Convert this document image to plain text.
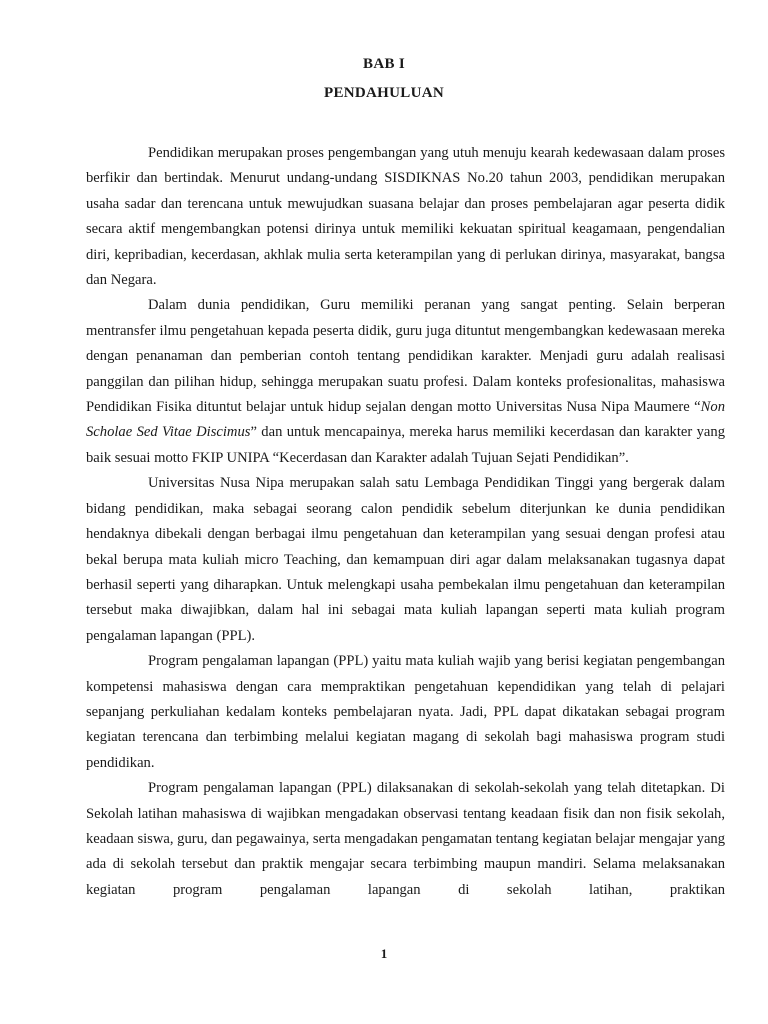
BAB I
PENDAHULUAN

Pendidikan merupakan proses pengembangan yang utuh menuju kearah kedewasaan dalam proses berfikir dan bertindak. Menurut undang-undang SISDIKNAS No.20 tahun 2003, pendidikan merupakan usaha sadar dan terencana untuk mewujudkan suasana belajar dan proses pembelajaran agar peserta didik secara aktif mengembangkan potensi dirinya untuk memiliki kekuatan spiritual keagamaan, pengendalian diri, kepribadian, kecerdasan, akhlak mulia serta keterampilan yang di perlukan dirinya, masyarakat, bangsa dan Negara.

Dalam dunia pendidikan, Guru memiliki peranan yang sangat penting. Selain berperan mentransfer ilmu pengetahuan kepada peserta didik, guru juga dituntut mengembangkan kedewasaan mereka dengan penanaman dan pemberian contoh tentang pendidikan karakter. Menjadi guru adalah realisasi panggilan dan pilihan hidup, sehingga merupakan suatu profesi. Dalam konteks profesionalitas, mahasiswa Pendidikan Fisika dituntut belajar untuk hidup sejalan dengan motto Universitas Nusa Nipa Maumere “Non Scholae Sed Vitae Discimus” dan untuk mencapainya, mereka harus memiliki kecerdasan dan karakter yang baik sesuai motto FKIP UNIPA “Kecerdasan dan Karakter adalah Tujuan Sejati Pendidikan”.

Universitas Nusa Nipa merupakan salah satu Lembaga Pendidikan Tinggi yang bergerak dalam bidang pendidikan, maka sebagai seorang calon pendidik sebelum diterjunkan ke dunia pendidikan hendaknya dibekali dengan berbagai ilmu pengetahuan dan keterampilan yang sesuai dengan profesi atau bekal berupa mata kuliah micro Teaching, dan kemampuan diri agar dalam melaksanakan tugasnya dapat berhasil seperti yang diharapkan. Untuk melengkapi usaha pembekalan ilmu pengetahuan dan keterampilan tersebut maka diwajibkan, dalam hal ini sebagai mata kuliah lapangan seperti mata kuliah program pengalaman lapangan (PPL).

Program pengalaman lapangan (PPL) yaitu mata kuliah wajib yang berisi kegiatan pengembangan kompetensi mahasiswa dengan cara mempraktikan pengetahuan kependidikan yang telah di pelajari sepanjang perkuliahan kedalam konteks pembelajaran nyata. Jadi, PPL dapat dikatakan sebagai program kegiatan terencana dan terbimbing melalui kegiatan magang di sekolah bagi mahasiswa program studi pendidikan.

Program pengalaman lapangan (PPL) dilaksanakan di sekolah-sekolah yang telah ditetapkan. Di Sekolah latihan mahasiswa di wajibkan mengadakan observasi tentang keadaan fisik dan non fisik sekolah, keadaan siswa, guru, dan pegawainya, serta mengadakan pengamatan tentang kegiatan belajar mengajar yang ada di sekolah tersebut dan praktik mengajar secara terbimbing maupun mandiri. Selama melaksanakan kegiatan program pengalaman lapangan di sekolah latihan, praktikan

1
